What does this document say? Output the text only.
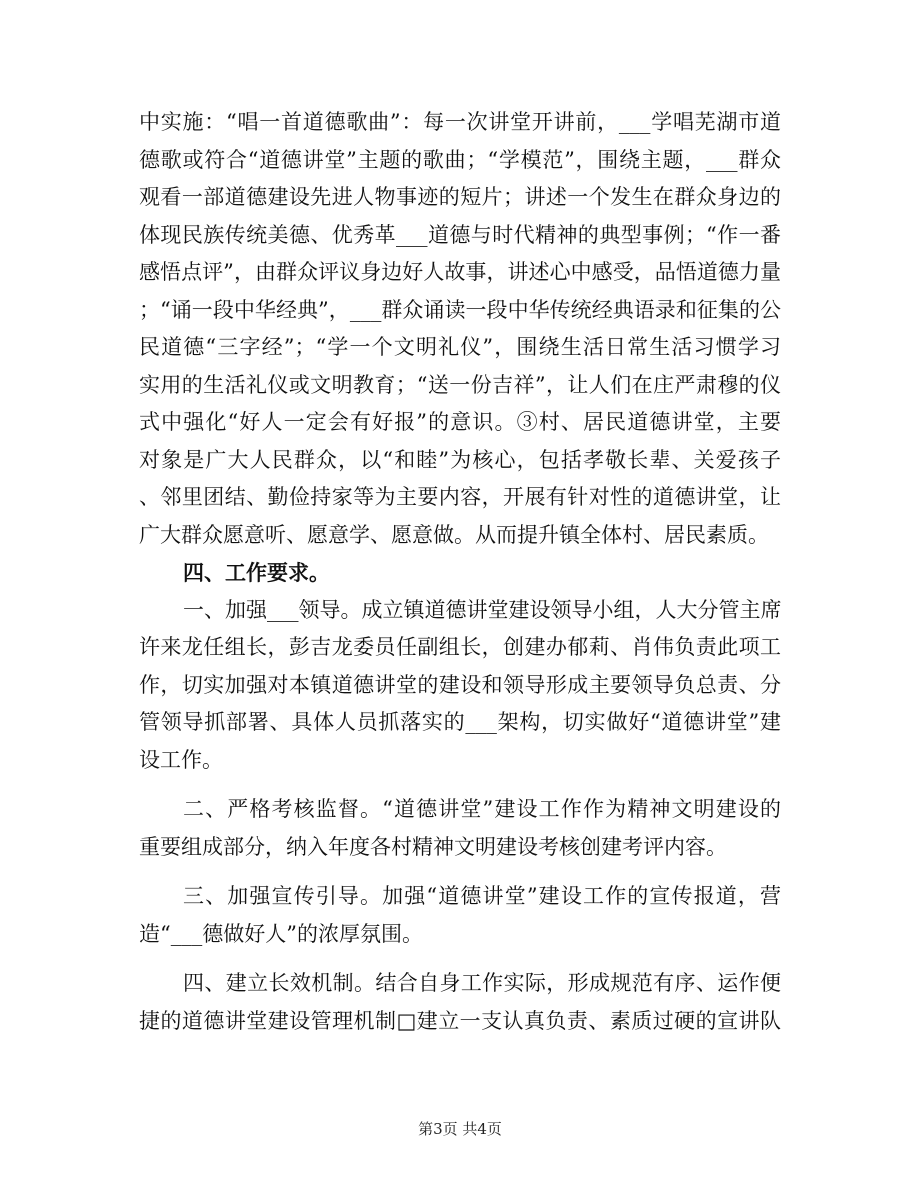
中实施：“唱一首道德歌曲”：每一次讲堂开讲前，___学唱芜湖市道
德歌或符合“道德讲堂”主题的歌曲；“学模范”，围绕主题，___群众
观看一部道德建设先进人物事迹的短片；讲述一个发生在群众身边的
体现民族传统美德、优秀革___道德与时代精神的典型事例；“作一番
感悟点评”，由群众评议身边好人故事，讲述心中感受，品悟道德力量
；“诵一段中华经典”，___群众诵读一段中华传统经典语录和征集的公
民道德“三字经”；“学一个文明礼仪”，围绕生活日常生活习惯学习
实用的生活礼仪或文明教育；“送一份吉祥”，让人们在庄严肃穆的仪
式中强化“好人一定会有好报”的意识。③村、居民道德讲堂，主要
对象是广大人民群众，以“和睦”为核心，包括孝敬长辈、关爱孩子
、邻里团结、勤俭持家等为主要内容，开展有针对性的道德讲堂，让
广大群众愿意听、愿意学、愿意做。从而提升镇全体村、居民素质。
四、工作要求。
一、加强___领导。成立镇道德讲堂建设领导小组，人大分管主席
许来龙任组长，彭吉龙委员任副组长，创建办郁莉、肖伟负责此项工
作，切实加强对本镇道德讲堂的建设和领导形成主要领导负总责、分
管领导抓部署、具体人员抓落实的___架构，切实做好“道德讲堂”建
设工作。
二、严格考核监督。“道德讲堂”建设工作作为精神文明建设的
重要组成部分，纳入年度各村精神文明建设考核创建考评内容。
三、加强宣传引导。加强“道德讲堂”建设工作的宣传报道，营
造“___德做好人”的浓厚氛围。
四、建立长效机制。结合自身工作实际，形成规范有序、运作便
捷的道德讲堂建设管理机制□建立一支认真负责、素质过硬的宣讲队
第3页 共4页
